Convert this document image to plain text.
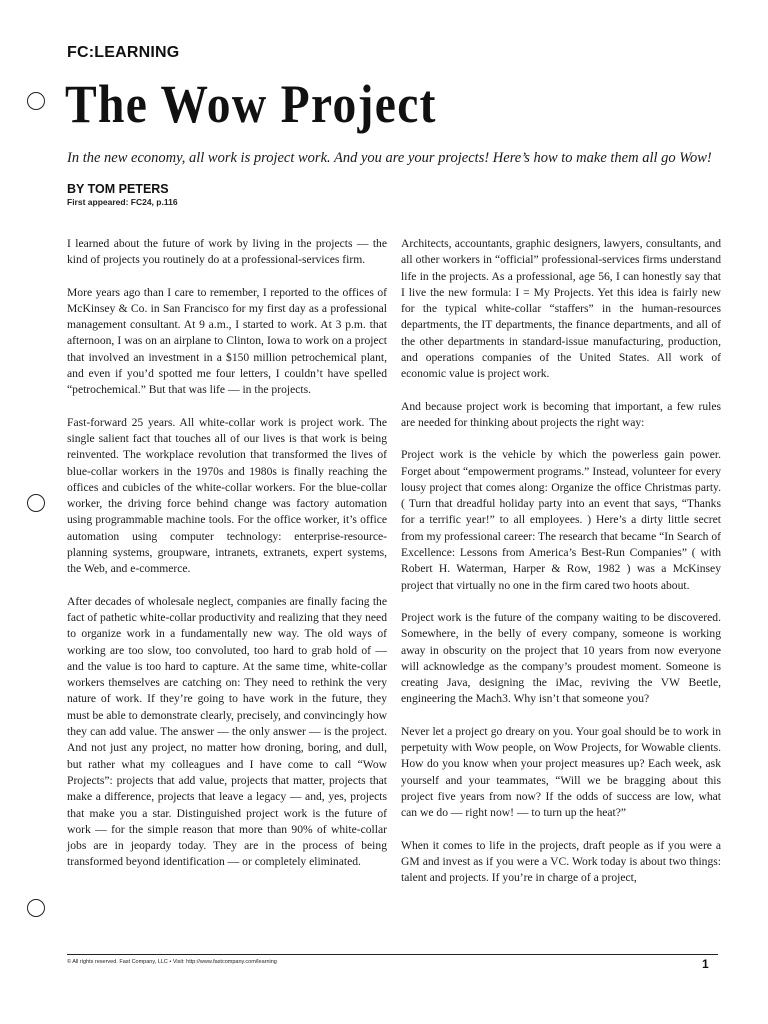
FC:LEARNING
The Wow Project
In the new economy, all work is project work. And you are your projects! Here’s how to make them all go Wow!
BY TOM PETERS
First appeared: FC24, p.116

I learned about the future of work by living in the projects — the kind of projects you routinely do at a professional-services firm.

More years ago than I care to remember, I reported to the offices of McKinsey & Co. in San Francisco for my first day as a professional management consultant. At 9 a.m., I started to work. At 3 p.m. that afternoon, I was on an airplane to Clinton, Iowa to work on a project that involved an investment in a $150 million petrochemical plant, and even if you’d spotted me four letters, I couldn’t have spelled “petrochemical.” But that was life — in the projects.

Fast-forward 25 years. All white-collar work is project work. The single salient fact that touches all of our lives is that work is being reinvented. The workplace revolution that transformed the lives of blue-collar workers in the 1970s and 1980s is finally reaching the offices and cubicles of the white-collar workers. For the blue-collar worker, the driving force behind change was factory automation using programmable machine tools. For the office worker, it’s office automation using computer technology: enterprise-resource-planning systems, groupware, intranets, extranets, expert systems, the Web, and e-commerce.

After decades of wholesale neglect, companies are finally facing the fact of pathetic white-collar productivity and realizing that they need to organize work in a fundamentally new way. The old ways of working are too slow, too convoluted, too hard to grab hold of — and the value is too hard to capture. At the same time, white-collar workers themselves are catching on: They need to rethink the very nature of work. If they’re going to have work in the future, they must be able to demonstrate clearly, precisely, and convincingly how they can add value. The answer — the only answer — is the project. And not just any project, no matter how droning, boring, and dull, but rather what my colleagues and I have come to call “Wow Projects”: projects that add value, projects that matter, projects that make a difference, projects that leave a legacy — and, yes, projects that make you a star. Distinguished project work is the future of work — for the simple reason that more than 90% of white-collar jobs are in jeopardy today. They are in the process of being transformed beyond identification — or completely eliminated.

Architects, accountants, graphic designers, lawyers, consultants, and all other workers in “official” professional-services firms understand life in the projects. As a professional, age 56, I can honestly say that I live the new formula: I = My Projects. Yet this idea is fairly new for the typical white-collar “staffers” in the human-resources departments, the IT departments, the finance departments, and all of the other departments in standard-issue manufacturing, production, and operations companies of the United States. All work of economic value is project work.

And because project work is becoming that important, a few rules are needed for thinking about projects the right way:

Project work is the vehicle by which the powerless gain power. Forget about “empowerment programs.” Instead, volunteer for every lousy project that comes along: Organize the office Christmas party. ( Turn that dreadful holiday party into an event that says, “Thanks for a terrific year!” to all employees. ) Here’s a dirty little secret from my professional career: The research that became “In Search of Excellence: Lessons from America’s Best-Run Companies” ( with Robert H. Waterman, Harper & Row, 1982 ) was a McKinsey project that virtually no one in the firm cared two hoots about.

Project work is the future of the company waiting to be discovered. Somewhere, in the belly of every company, someone is working away in obscurity on the project that 10 years from now everyone will acknowledge as the company’s proudest moment. Someone is creating Java, designing the iMac, reviving the VW Beetle, engineering the Mach3. Why isn’t that someone you?

Never let a project go dreary on you. Your goal should be to work in perpetuity with Wow people, on Wow Projects, for Wowable clients. How do you know when your project measures up? Each week, ask yourself and your teammates, “Will we be bragging about this project five years from now? If the odds of success are low, what can we do — right now! — to turn up the heat?”

When it comes to life in the projects, draft people as if you were a GM and invest as if you were a VC. Work today is about two things: talent and projects. If you’re in charge of a project,

© All rights reserved. Fast Company, LLC • Visit: http://www.fastcompany.com/learning	1
